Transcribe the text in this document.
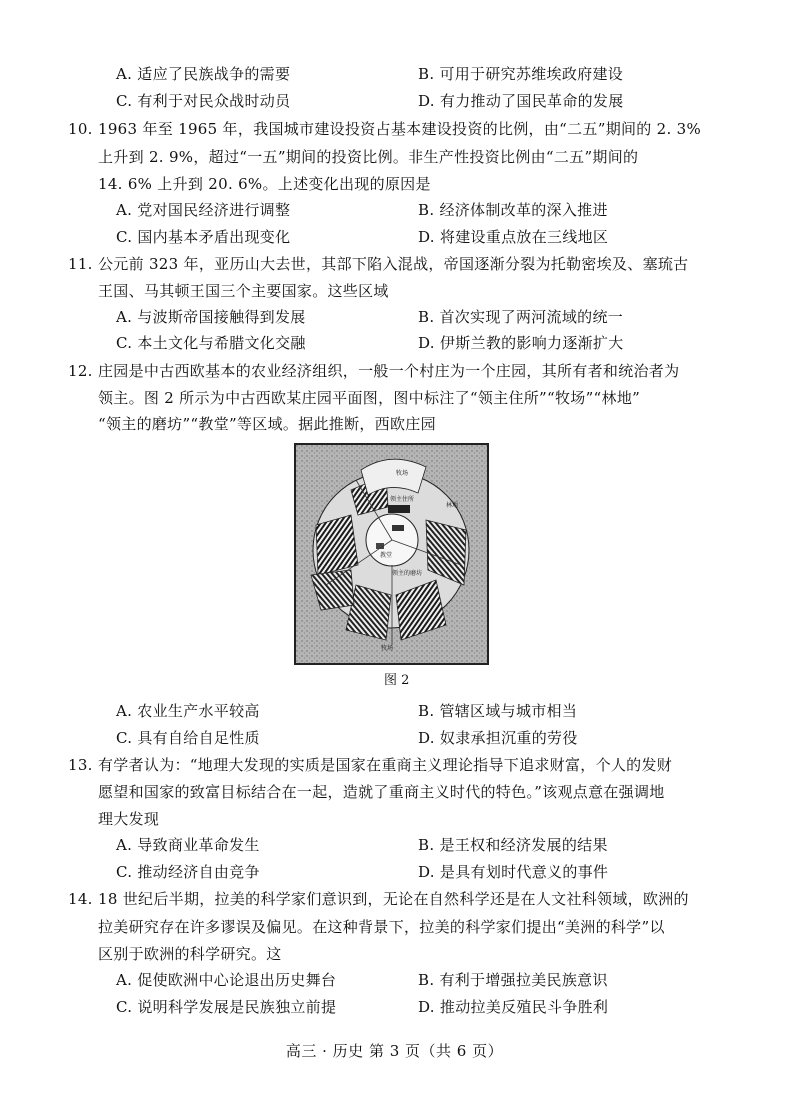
A. 适应了民族战争的需要	B. 可用于研究苏维埃政府建设
C. 有利于对民众战时动员	D. 有力推动了国民革命的发展
10. 1963 年至 1965 年，我国城市建设投资占基本建设投资的比例，由“二五”期间的 2. 3%
上升到 2. 9%，超过“一五”期间的投资比例。非生产性投资比例由“二五”期间的
14. 6% 上升到 20. 6%。上述变化出现的原因是
A. 党对国民经济进行调整	B. 经济体制改革的深入推进
C. 国内基本矛盾出现变化	D. 将建设重点放在三线地区
11. 公元前 323 年，亚历山大去世，其部下陷入混战，帝国逐渐分裂为托勒密埃及、塞琉古
王国、马其顿王国三个主要国家。这些区域
A. 与波斯帝国接触得到发展	B. 首次实现了两河流域的统一
C. 本土文化与希腊文化交融	D. 伊斯兰教的影响力逐渐扩大
12. 庄园是中古西欧基本的农业经济组织，一般一个村庄为一个庄园，其所有者和统治者为
领主。图 2 所示为中古西欧某庄园平面图，图中标注了“领主住所”“牧场”“林地”
“领主的磨坊”“教堂”等区域。据此推断，西欧庄园
牧场
领主住所
教堂
领主的磨坊
林地
牧场
图 2
A. 农业生产水平较高	B. 管辖区域与城市相当
C. 具有自给自足性质	D. 奴隶承担沉重的劳役
13. 有学者认为：“地理大发现的实质是国家在重商主义理论指导下追求财富，个人的发财
愿望和国家的致富目标结合在一起，造就了重商主义时代的特色。”该观点意在强调地
理大发现
A. 导致商业革命发生	B. 是王权和经济发展的结果
C. 推动经济自由竞争	D. 是具有划时代意义的事件
14. 18 世纪后半期，拉美的科学家们意识到，无论在自然科学还是在人文社科领域，欧洲的
拉美研究存在许多谬误及偏见。在这种背景下，拉美的科学家们提出“美洲的科学”以
区别于欧洲的科学研究。这
A. 促使欧洲中心论退出历史舞台	B. 有利于增强拉美民族意识
C. 说明科学发展是民族独立前提	D. 推动拉美反殖民斗争胜利
高三 · 历史 第 3 页（共 6 页）
